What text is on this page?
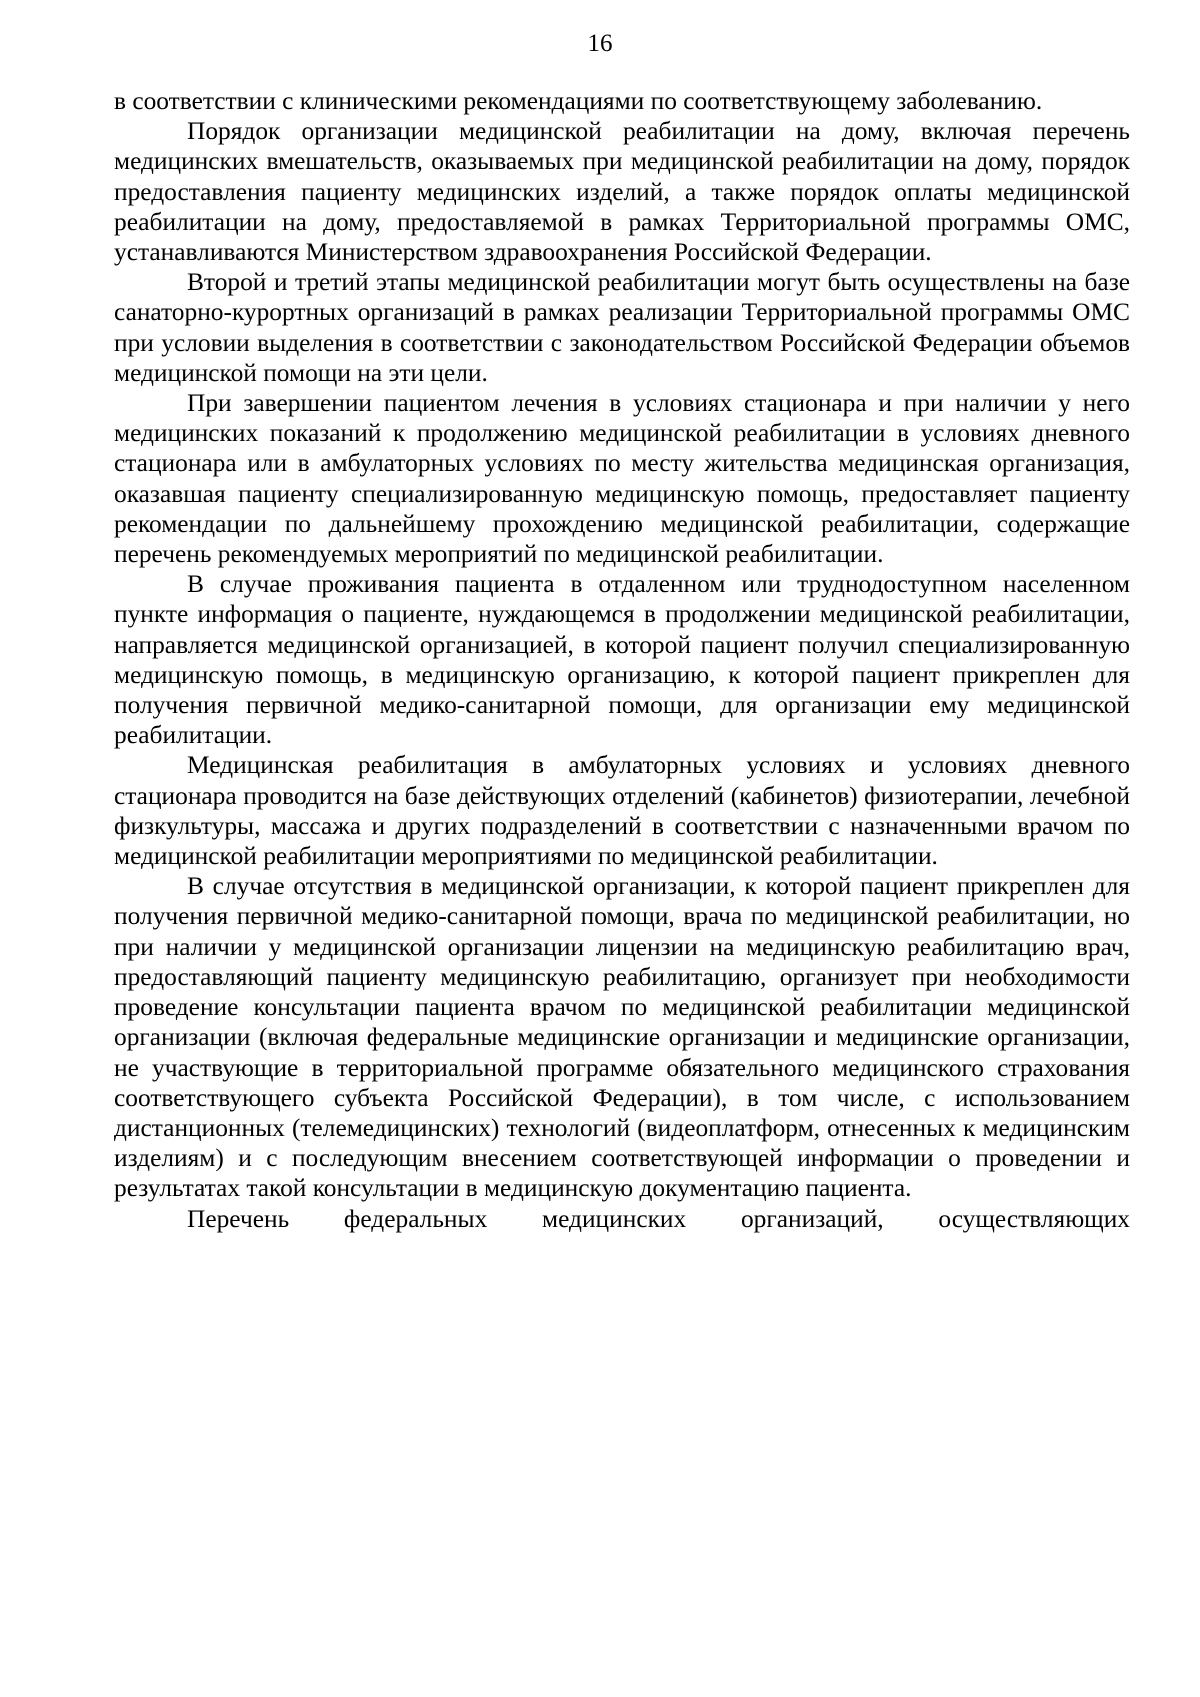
16

в соответствии с клиническими рекомендациями по соответствующему заболеванию.

Порядок организации медицинской реабилитации на дому, включая перечень медицинских вмешательств, оказываемых при медицинской реабилитации на дому, порядок предоставления пациенту медицинских изделий, а также порядок оплаты медицинской реабилитации на дому, предоставляемой в рамках Территориальной программы ОМС, устанавливаются Министерством здравоохранения Российской Федерации.

Второй и третий этапы медицинской реабилитации могут быть осуществлены на базе санаторно-курортных организаций в рамках реализации Территориальной программы ОМС при условии выделения в соответствии с законодательством Российской Федерации объемов медицинской помощи на эти цели.

При завершении пациентом лечения в условиях стационара и при наличии у него медицинских показаний к продолжению медицинской реабилитации в условиях дневного стационара или в амбулаторных условиях по месту жительства медицинская организация, оказавшая пациенту специализированную медицинскую помощь, предоставляет пациенту рекомендации по дальнейшему прохождению медицинской реабилитации, содержащие перечень рекомендуемых мероприятий по медицинской реабилитации.

В случае проживания пациента в отдаленном или труднодоступном населенном пункте информация о пациенте, нуждающемся в продолжении медицинской реабилитации, направляется медицинской организацией, в которой пациент получил специализированную медицинскую помощь, в медицинскую организацию, к которой пациент прикреплен для получения первичной медико-санитарной помощи, для организации ему медицинской реабилитации.

Медицинская реабилитация в амбулаторных условиях и условиях дневного стационара проводится на базе действующих отделений (кабинетов) физиотерапии, лечебной физкультуры, массажа и других подразделений в соответствии с назначенными врачом по медицинской реабилитации мероприятиями по медицинской реабилитации.

В случае отсутствия в медицинской организации, к которой пациент прикреплен для получения первичной медико-санитарной помощи, врача по медицинской реабилитации, но при наличии у медицинской организации лицензии на медицинскую реабилитацию врач, предоставляющий пациенту медицинскую реабилитацию, организует при необходимости проведение консультации пациента врачом по медицинской реабилитации медицинской организации (включая федеральные медицинские организации и медицинские организации, не участвующие в территориальной программе обязательного медицинского страхования соответствующего субъекта Российской Федерации), в том числе, с использованием дистанционных (телемедицинских) технологий (видеоплатформ, отнесенных к медицинским изделиям) и с последующим внесением соответствующей информации о проведении и результатах такой консультации в медицинскую документацию пациента.

Перечень федеральных медицинских организаций, осуществляющих
